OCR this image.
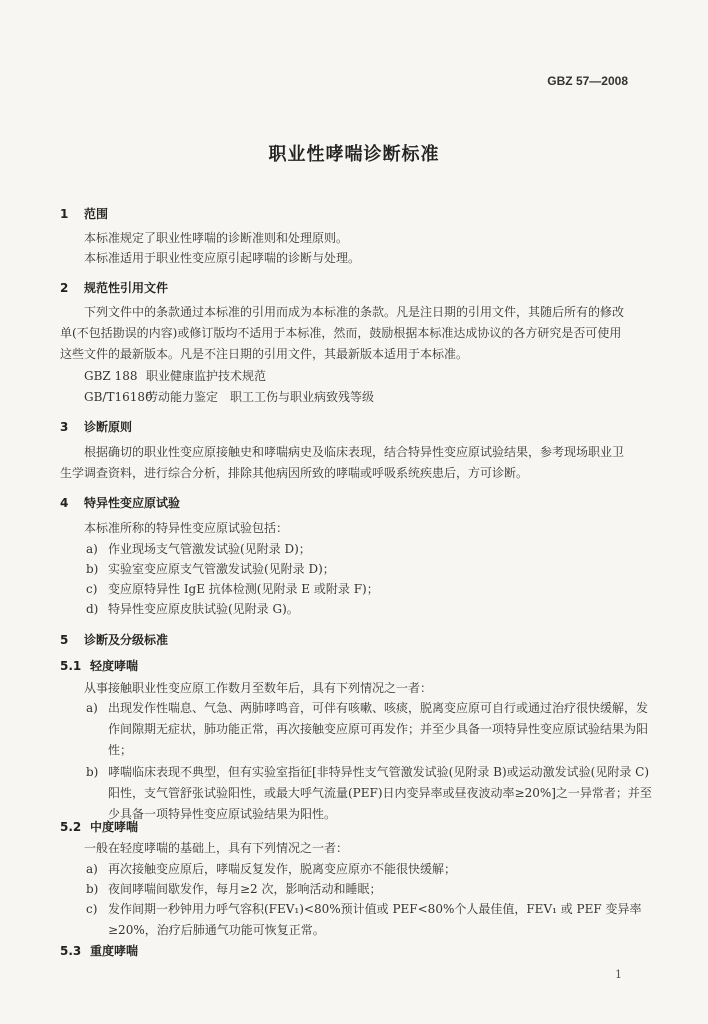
GBZ 57—2008
职业性哮喘诊断标准
1 范围
本标准规定了职业性哮喘的诊断准则和处理原则。
本标准适用于职业性变应原引起哮喘的诊断与处理。
2 规范性引用文件
下列文件中的条款通过本标准的引用而成为本标准的条款。凡是注日期的引用文件，其随后所有的修改单(不包括勘误的内容)或修订版均不适用于本标准，然而，鼓励根据本标准达成协议的各方研究是否可使用这些文件的最新版本。凡是不注日期的引用文件，其最新版本适用于本标准。
GBZ 188 职业健康监护技术规范
GB/T16180劳动能力鉴定　职工工伤与职业病致残等级
3 诊断原则
根据确切的职业性变应原接触史和哮喘病史及临床表现，结合特异性变应原试验结果，参考现场职业卫生学调查资料，进行综合分析，排除其他病因所致的哮喘或呼吸系统疾患后，方可诊断。
4 特异性变应原试验
本标准所称的特异性变应原试验包括：
a) 作业现场支气管激发试验(见附录 D)；
b) 实验室变应原支气管激发试验(见附录 D)；
c) 变应原特异性 IgE 抗体检测(见附录 E 或附录 F)；
d) 特异性变应原皮肤试验(见附录 G)。
5 诊断及分级标准
5.1 轻度哮喘
从事接触职业性变应原工作数月至数年后，具有下列情况之一者：
a) 出现发作性喘息、气急、两肺哮鸣音，可伴有咳嗽、咳痰，脱离变应原可自行或通过治疗很快缓解，发作间隙期无症状，肺功能正常，再次接触变应原可再发作；并至少具备一项特异性变应原试验结果为阳性；
b) 哮喘临床表现不典型，但有实验室指征[非特异性支气管激发试验(见附录 B)或运动激发试验(见附录 C)阳性，支气管舒张试验阳性，或最大呼气流量(PEF)日内变异率或昼夜波动率≥20%]之一异常者；并至少具备一项特异性变应原试验结果为阳性。
5.2 中度哮喘
一般在轻度哮喘的基础上，具有下列情况之一者：
a) 再次接触变应原后，哮喘反复发作，脱离变应原亦不能很快缓解；
b) 夜间哮喘间歇发作，每月≥2 次，影响活动和睡眠；
c) 发作间期一秒钟用力呼气容积(FEV₁)<80%预计值或 PEF<80%个人最佳值，FEV₁ 或 PEF 变异率≥20%，治疗后肺通气功能可恢复正常。
5.3 重度哮喘
1
